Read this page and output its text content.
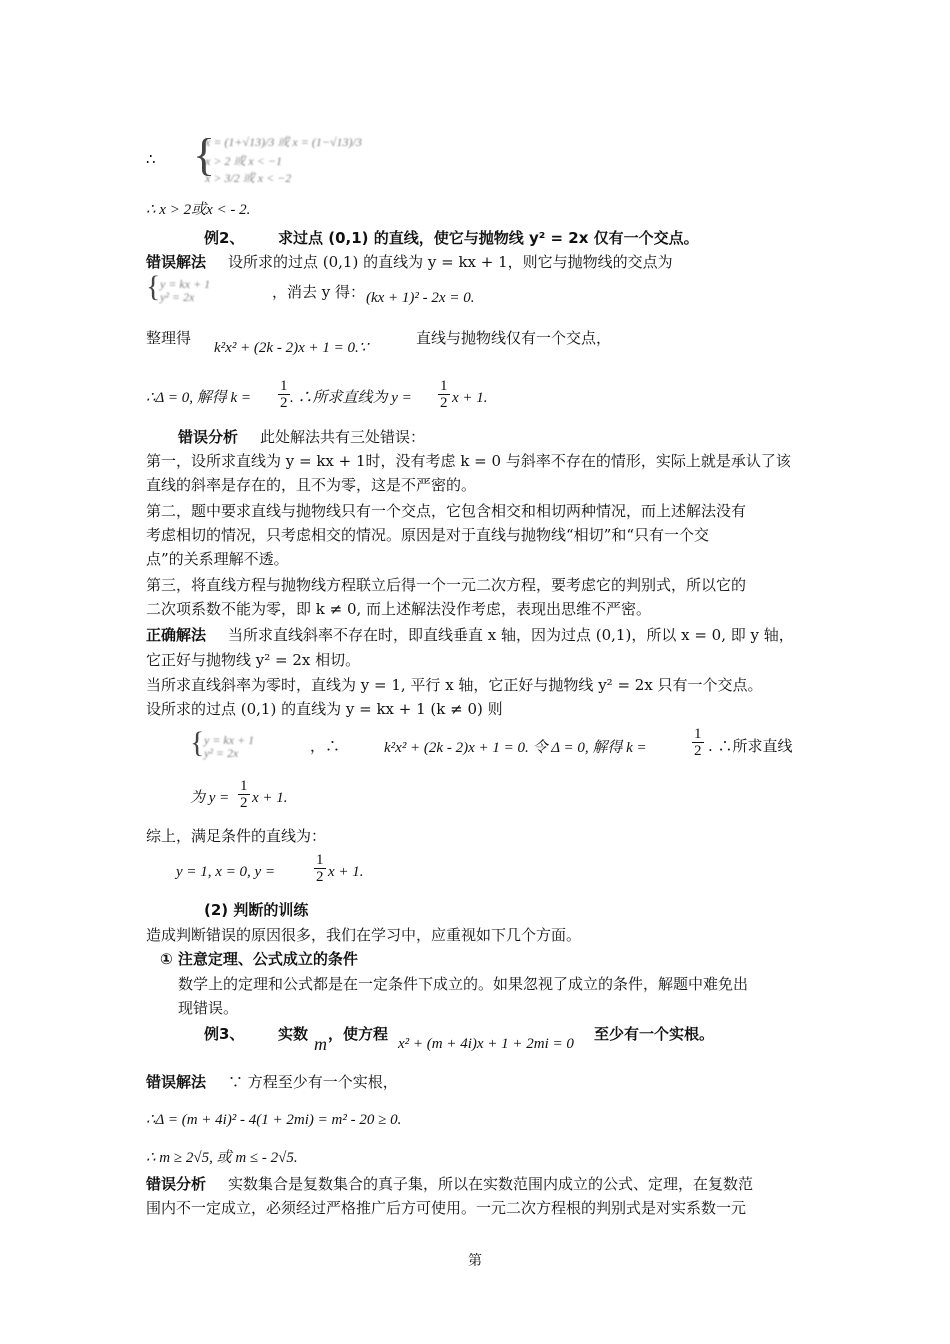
∴ {
x = (1+√13)/3 或 x = (1−√13)/3
x > 2 或 x < −1
x > 3/2 或 x < −2
∴ x > 2或x < - 2.
例2、 求过点 (0,1) 的直线，使它与抛物线 y² = 2x 仅有一个交点。
错误解法 设所求的过点 (0,1) 的直线为 y = kx + 1，则它与抛物线的交点为
{ y = kx + 1
y² = 2x	，消去 y 得： (kx + 1)² - 2x = 0.
整理得
k²x² + (2k - 2)x + 1 = 0.∵
直线与抛物线仅有一个交点，
∴Δ = 0, 解得 $k = \frac{1}{2}$ . ∴所求直线为 $y = \frac{1}{2}$ x + 1.
错误分析 此处解法共有三处错误：
第一，设所求直线为 y = kx + 1时，没有考虑 k = 0 与斜率不存在的情形，实际上就是承认了该
直线的斜率是存在的，且不为零，这是不严密的。
第二，题中要求直线与抛物线只有一个交点，它包含相交和相切两种情况，而上述解法没有
考虑相切的情况，只考虑相交的情况。原因是对于直线与抛物线“相切”和“只有一个交
点”的关系理解不透。
第三，将直线方程与抛物线方程联立后得一个一元二次方程，要考虑它的判别式，所以它的
二次项系数不能为零，即 k ≠ 0, 而上述解法没作考虑，表现出思维不严密。
正确解法 当所求直线斜率不存在时，即直线垂直 x 轴，因为过点 (0,1)，所以 x = 0, 即 y 轴，
它正好与抛物线 y² = 2x 相切。
当所求直线斜率为零时，直线为 y = 1, 平行 x 轴，它正好与抛物线 y² = 2x 只有一个交点。
设所求的过点 (0,1) 的直线为 y = kx + 1 (k ≠ 0) 则
{ y = kx + 1
y² = 2x	，∴	k²x² + (2k - 2)x + 1 = 0. 令 Δ = 0, 解得 k =	$\frac{1}{2}$ . ∴所求直线
为 $y = \frac{1}{2}$ x + 1.
综上，满足条件的直线为：
y = 1, x = 0, y =	$\frac{1}{2}$ x + 1.
(2) 判断的训练
造成判断错误的原因很多，我们在学习中，应重视如下几个方面。
① 注意定理、公式成立的条件
数学上的定理和公式都是在一定条件下成立的。如果忽视了成立的条件，解题中难免出
现错误。
例3、 实数 m ，使方程
x² + (m + 4i)x + 1 + 2mi = 0
至少有一个实根。
错误解法 ∵ 方程至少有一个实根，
∴Δ = (m + 4i)² - 4(1 + 2mi) = m² - 20 ≥ 0.
∴ m ≥ 2√5, 或 m ≤ - 2√5.
错误分析 实数集合是复数集合的真子集，所以在实数范围内成立的公式、定理，在复数范
围内不一定成立，必须经过严格推广后方可使用。一元二次方程根的判别式是对实系数一元
第
